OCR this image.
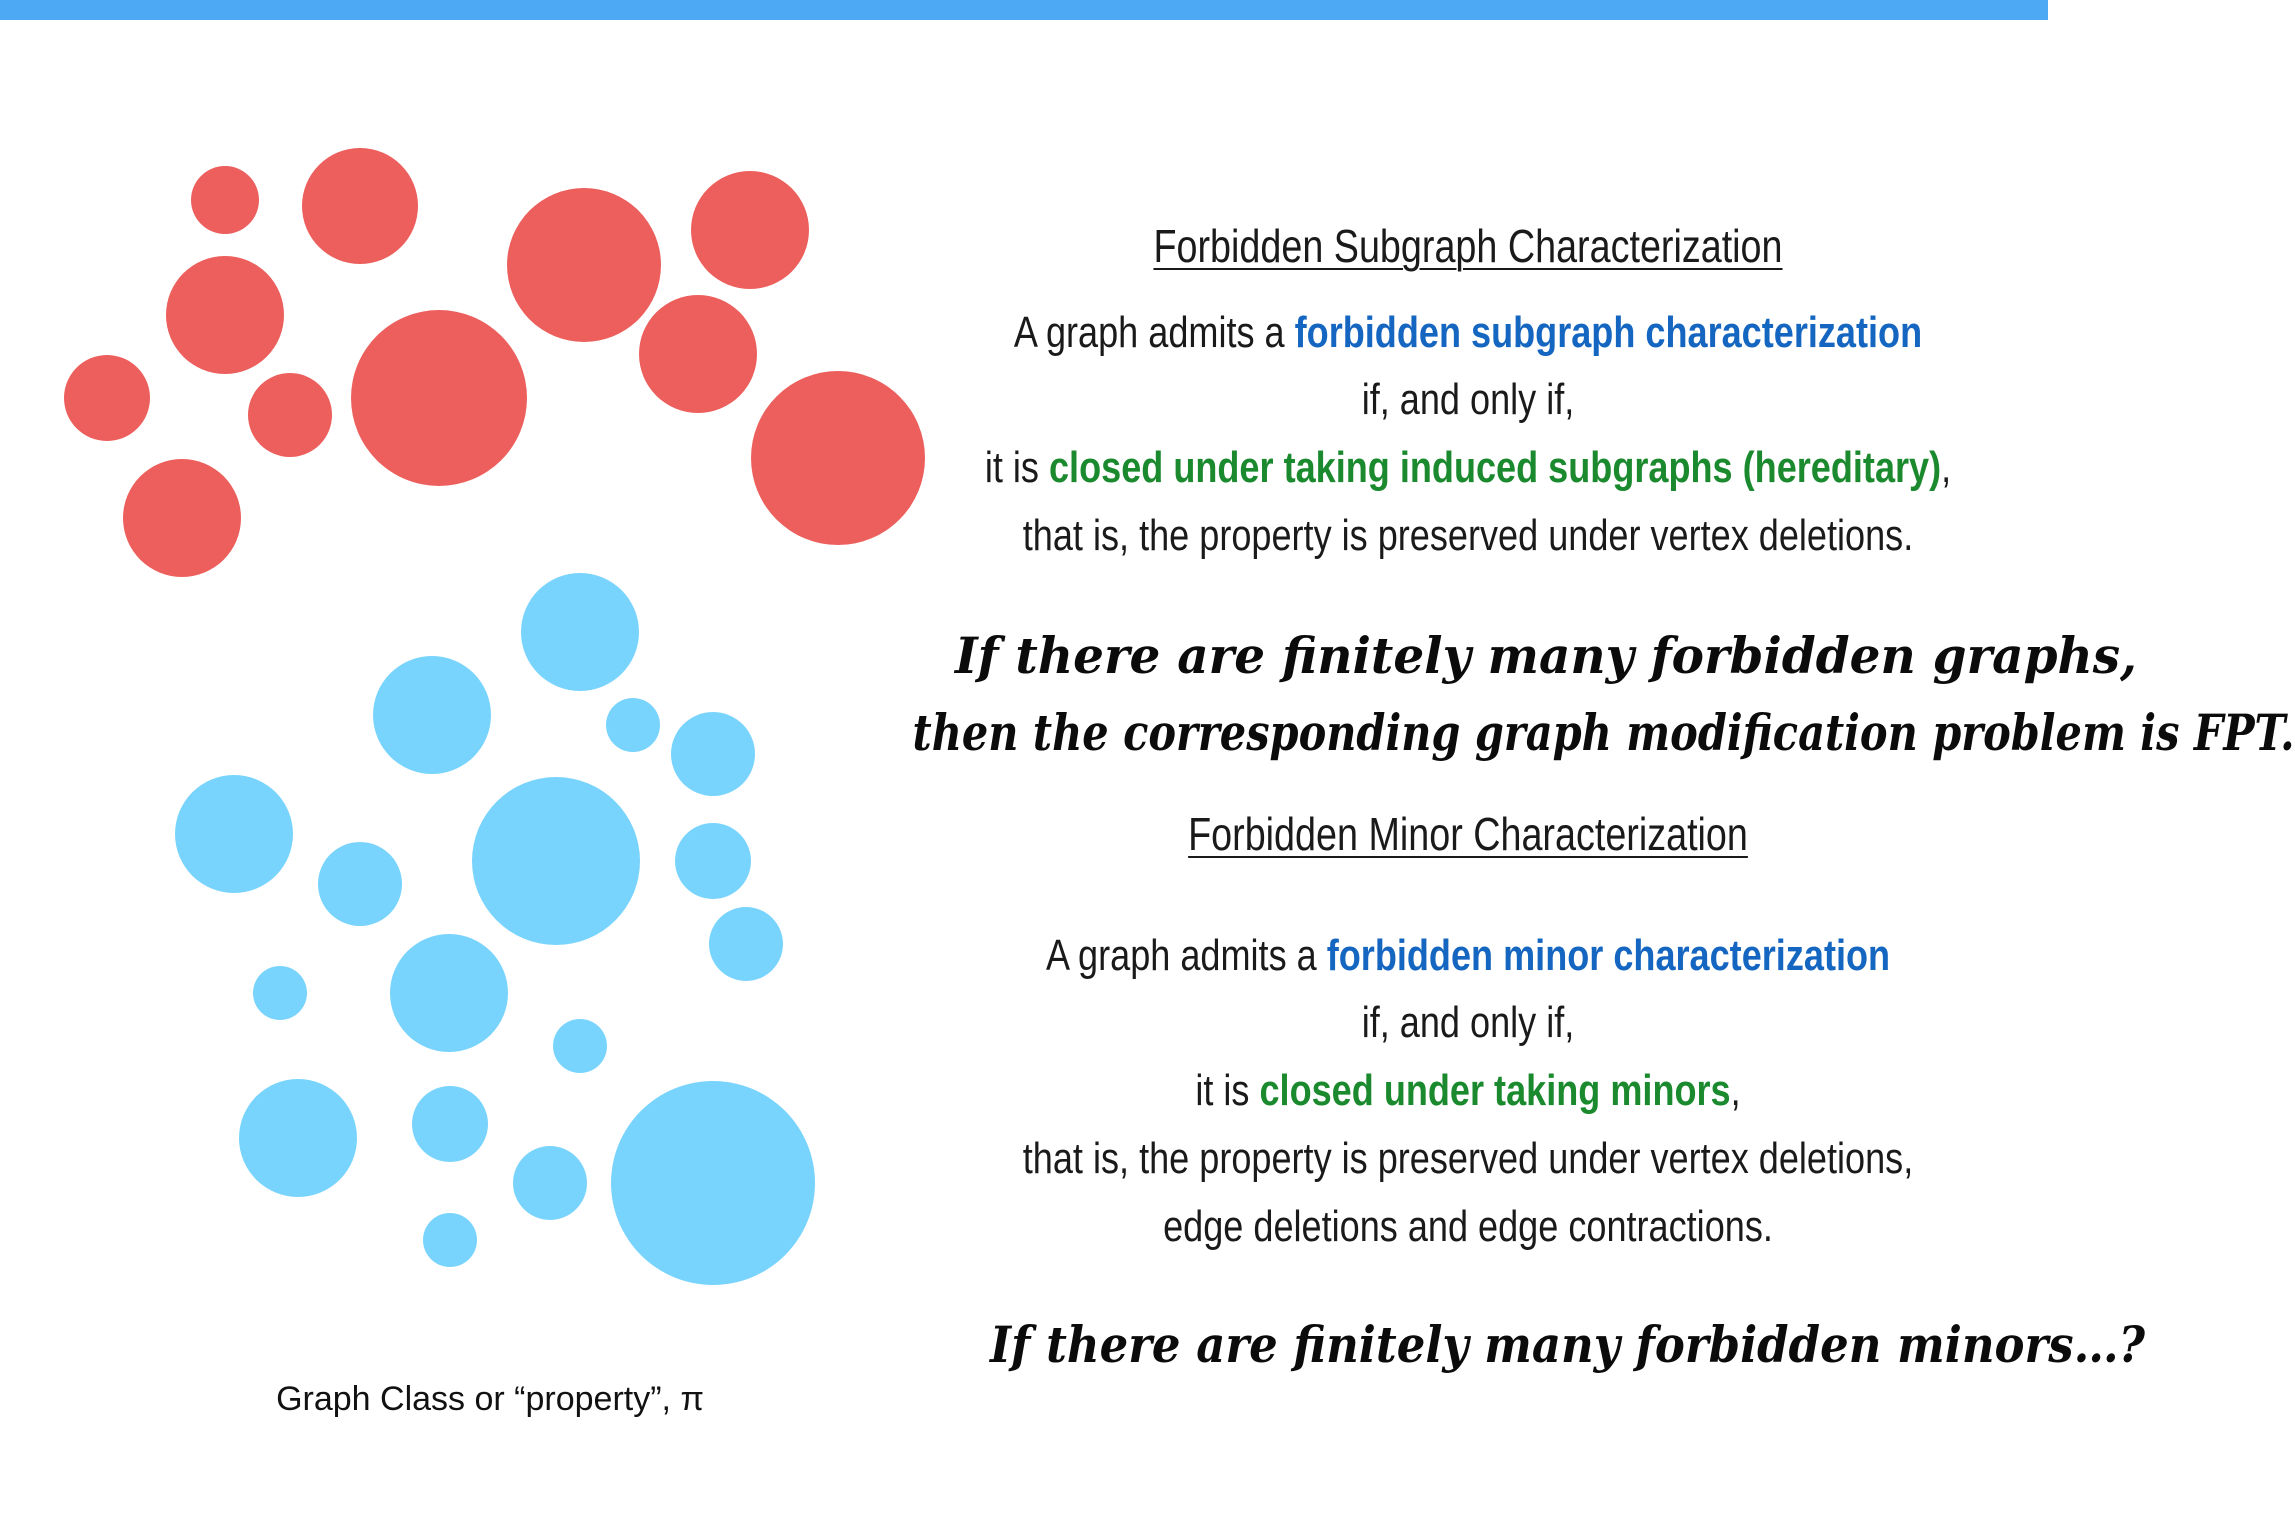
Forbidden Subgraph Characterization
A graph admits a forbidden subgraph characterization
if, and only if,
it is closed under taking induced subgraphs (hereditary),
that is, the property is preserved under vertex deletions.
If there are finitely many forbidden graphs,
then the corresponding graph modification problem is FPT.
Forbidden Minor Characterization
A graph admits a forbidden minor characterization
if, and only if,
it is closed under taking minors,
that is, the property is preserved under vertex deletions,
edge deletions and edge contractions.
If there are finitely many forbidden minors…?
Graph Class or “property”, π
